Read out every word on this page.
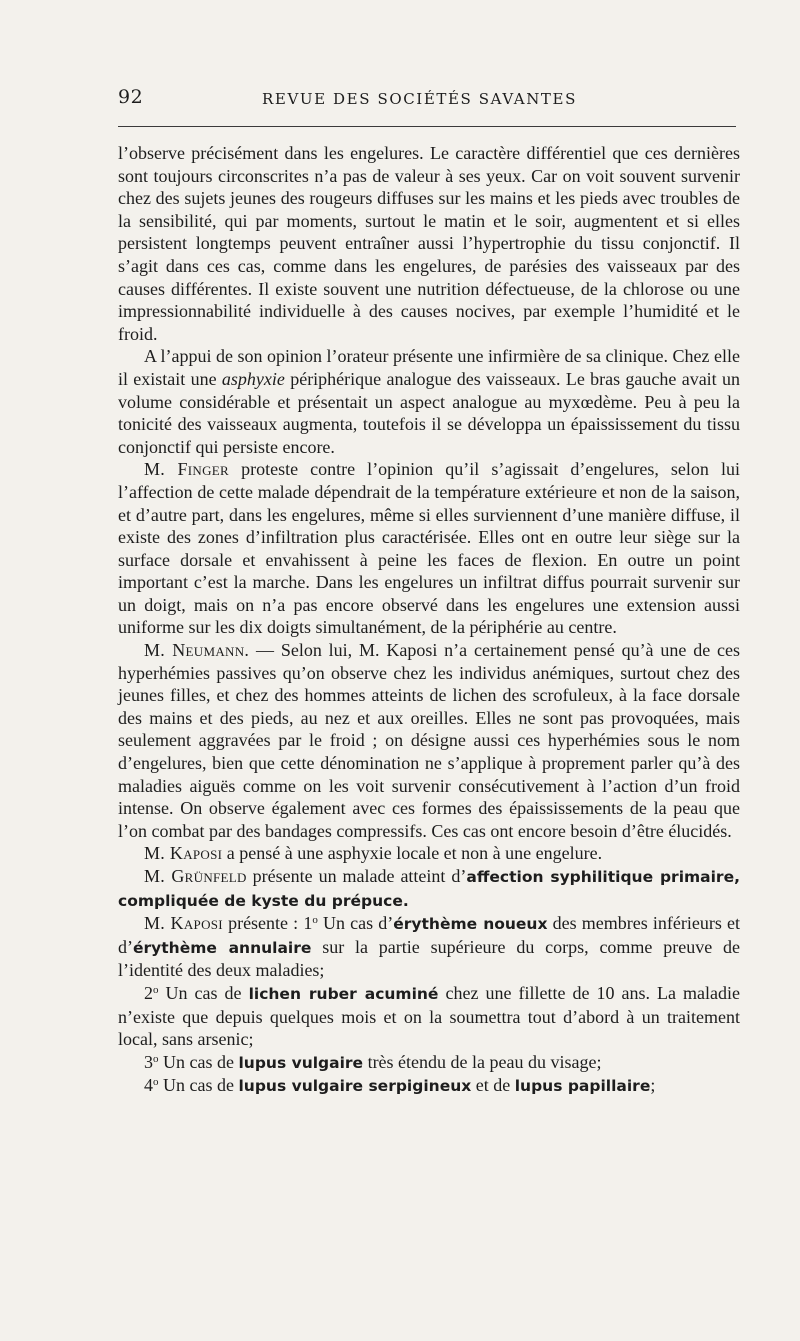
92	REVUE DES SOCIÉTÉS SAVANTES

l’observe précisément dans les engelures. Le caractère différentiel que ces dernières sont toujours circonscrites n’a pas de valeur à ses yeux. Car on voit souvent survenir chez des sujets jeunes des rougeurs diffuses sur les mains et les pieds avec troubles de la sensibilité, qui par moments, surtout le matin et le soir, augmentent et si elles persistent longtemps peuvent entraîner aussi l’hypertrophie du tissu conjonctif. Il s’agit dans ces cas, comme dans les engelures, de parésies des vaisseaux par des causes différentes. Il existe souvent une nutrition défectueuse, de la chlorose ou une impressionnabilité individuelle à des causes nocives, par exemple l’humidité et le froid.

A l’appui de son opinion l’orateur présente une infirmière de sa clinique. Chez elle il existait une asphyxie périphérique analogue des vaisseaux. Le bras gauche avait un volume considérable et présentait un aspect analogue au myxœdème. Peu à peu la tonicité des vaisseaux augmenta, toutefois il se développa un épaississement du tissu conjonctif qui persiste encore.

M. Finger proteste contre l’opinion qu’il s’agissait d’engelures, selon lui l’affection de cette malade dépendrait de la température extérieure et non de la saison, et d’autre part, dans les engelures, même si elles surviennent d’une manière diffuse, il existe des zones d’infiltration plus caractérisée. Elles ont en outre leur siège sur la surface dorsale et envahissent à peine les faces de flexion. En outre un point important c’est la marche. Dans les engelures un infiltrat diffus pourrait survenir sur un doigt, mais on n’a pas encore observé dans les engelures une extension aussi uniforme sur les dix doigts simultanément, de la périphérie au centre.

M. Neumann. — Selon lui, M. Kaposi n’a certainement pensé qu’à une de ces hyperhémies passives qu’on observe chez les individus anémiques, surtout chez des jeunes filles, et chez des hommes atteints de lichen des scrofuleux, à la face dorsale des mains et des pieds, au nez et aux oreilles. Elles ne sont pas provoquées, mais seulement aggravées par le froid ; on désigne aussi ces hyperhémies sous le nom d’engelures, bien que cette dénomination ne s’applique à proprement parler qu’à des maladies aiguës comme on les voit survenir consécutivement à l’action d’un froid intense. On observe également avec ces formes des épaississements de la peau que l’on combat par des bandages compressifs. Ces cas ont encore besoin d’être élucidés.

M. Kaposi a pensé à une asphyxie locale et non à une engelure.

M. Grünfeld présente un malade atteint d’affection syphilitique primaire, compliquée de kyste du prépuce.

M. Kaposi présente : 1$^o$ Un cas d’érythème noueux des membres inférieurs et d’érythème annulaire sur la partie supérieure du corps, comme preuve de l’identité des deux maladies;

2$^o$ Un cas de lichen ruber acuminé chez une fillette de 10 ans. La maladie n’existe que depuis quelques mois et on la soumettra tout d’abord à un traitement local, sans arsenic;

3$^o$ Un cas de lupus vulgaire très étendu de la peau du visage;

4$^o$ Un cas de lupus vulgaire serpigineux et de lupus papillaire;
